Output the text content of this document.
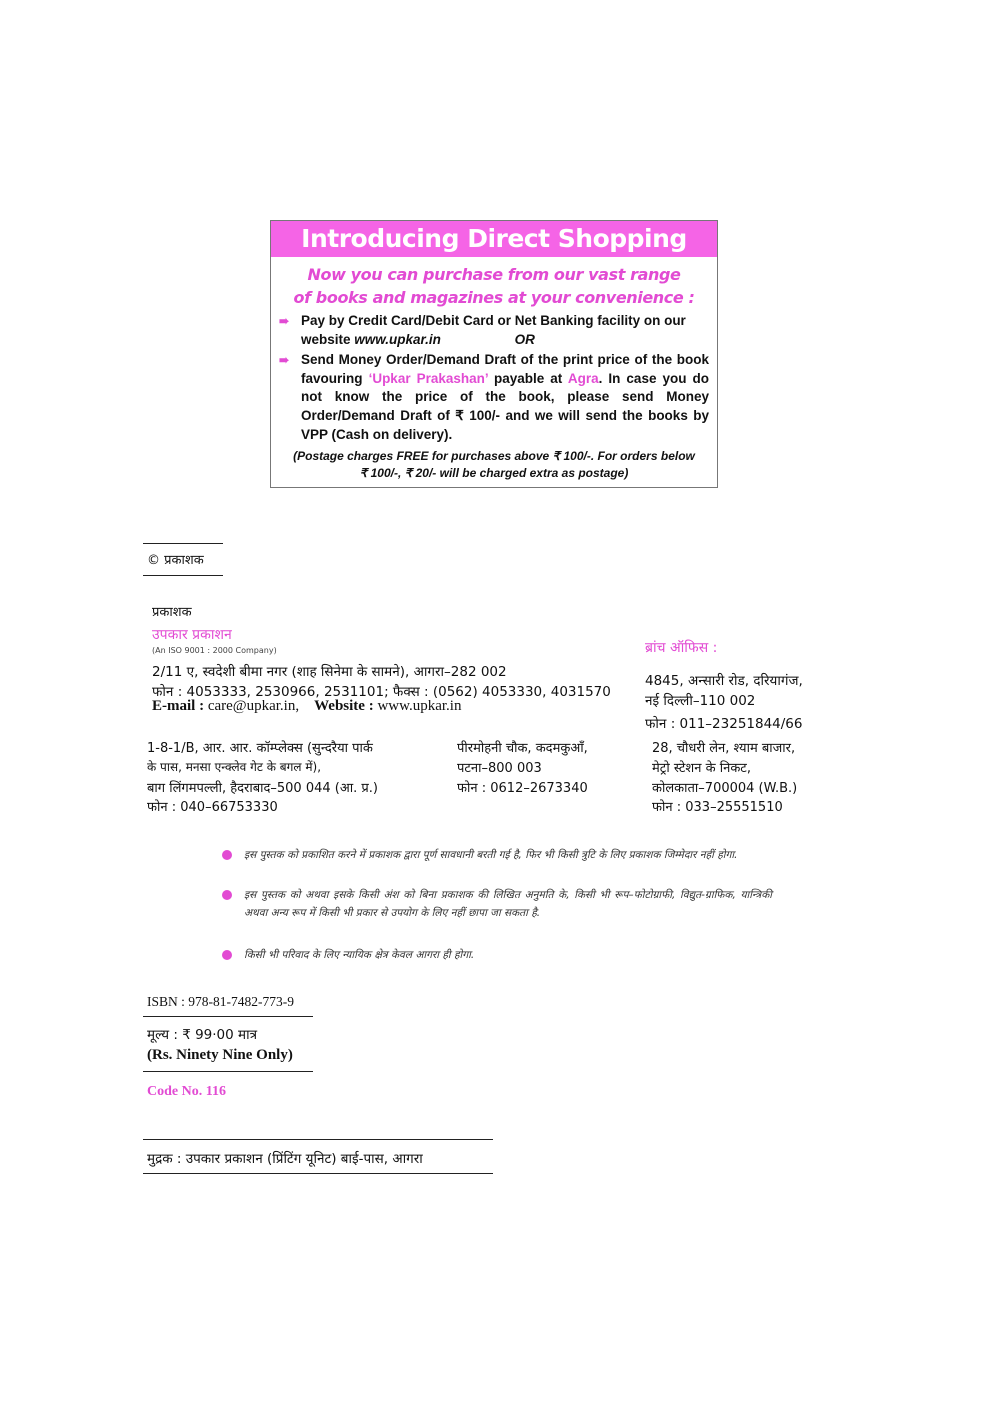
Introducing Direct Shopping
Now you can purchase from our vast range
of books and magazines at your convenience :
➠ Pay by Credit Card/Debit Card or Net Banking facility on our
website www.upkar.in	OR
➠ Send Money Order/Demand Draft of the print price of the book favouring ‘Upkar Prakashan’ payable at Agra. In case you do not know the price of the book, please send Money Order/Demand Draft of ₹ 100/- and we will send the books by VPP (Cash on delivery).
(Postage charges FREE for purchases above ₹ 100/-. For orders below
₹ 100/-, ₹ 20/- will be charged extra as postage)
© प्रकाशक
प्रकाशक
उपकार प्रकाशन
(An ISO 9001 : 2000 Company)
2/11 ए, स्वदेशी बीमा नगर (शाह सिनेमा के सामने), आगरा–282 002
फोन : 4053333, 2530966, 2531101; फैक्स : (0562) 4053330, 4031570
E-mail : care@upkar.in, Website : www.upkar.in
ब्रांच ऑफिस :
4845, अन्सारी रोड, दरियागंज,
नई दिल्ली–110 002
फोन : 011–23251844/66
1-8-1/B, आर. आर. कॉम्प्लेक्स (सुन्दरैया पार्क
के पास, मनसा एन्क्लेव गेट के बगल में),
बाग लिंगमपल्ली, हैदराबाद–500 044 (आ. प्र.)
फोन : 040–66753330
पीरमोहनी चौक, कदमकुआँ,
पटना–800 003
फोन : 0612–2673340
28, चौधरी लेन, श्याम बाजार,
मेट्रो स्टेशन के निकट,
कोलकाता–700004 (W.B.)
फोन : 033–25551510
इस पुस्तक को प्रकाशित करने में प्रकाशक द्वारा पूर्ण सावधानी बरती गई है, फिर भी किसी त्रुटि के लिए प्रकाशक जिम्मेदार नहीं होगा.
इस पुस्तक को अथवा इसके किसी अंश को बिना प्रकाशक की लिखित अनुमति के, किसी भी रूप–फोटोग्राफी, विद्युत-ग्राफिक, यान्त्रिकी अथवा अन्य रूप में किसी भी प्रकार से उपयोग के लिए नहीं छापा जा सकता है.
किसी भी परिवाद के लिए न्यायिक क्षेत्र केवल आगरा ही होगा.
ISBN : 978-81-7482-773-9
मूल्य : ₹ 99·00 मात्र
(Rs. Ninety Nine Only)
Code No. 116
मुद्रक : उपकार प्रकाशन (प्रिंटिंग यूनिट) बाई-पास, आगरा
